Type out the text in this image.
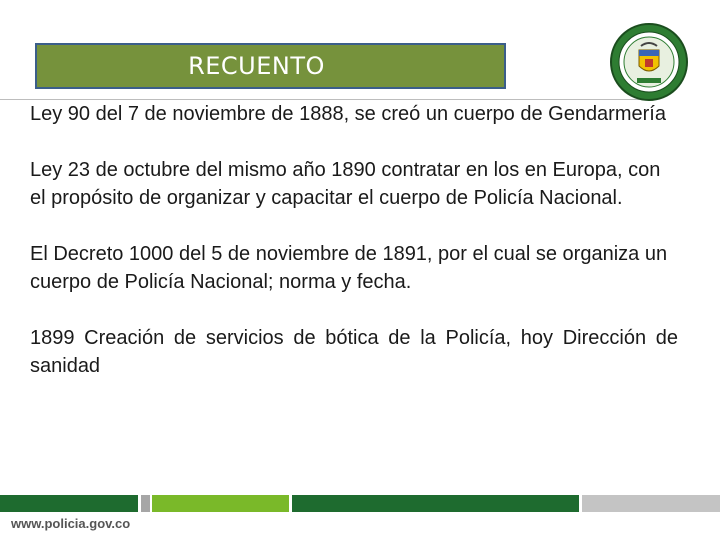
RECUENTO

Ley 90 del 7 de noviembre de 1888, se creó un cuerpo de Gendarmería

Ley 23 de octubre del mismo año 1890 contratar en los en Europa, con el propósito de organizar y capacitar el cuerpo de Policía Nacional.

El Decreto 1000 del 5 de noviembre de 1891, por el cual se organiza un cuerpo de Policía Nacional; norma y fecha.

1899 Creación de servicios de bótica de la Policía, hoy Dirección de sanidad

www.policia.gov.co
